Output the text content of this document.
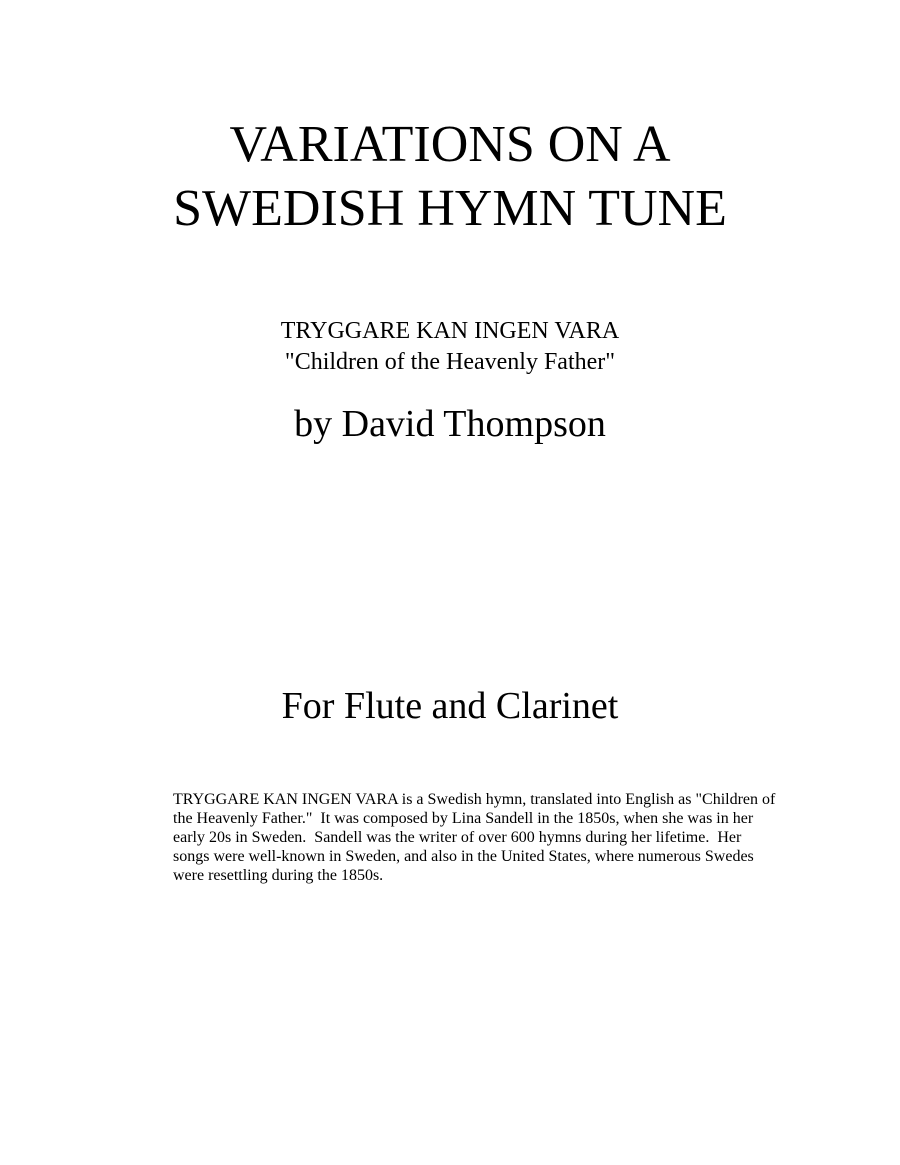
VARIATIONS ON A
SWEDISH HYMN TUNE

TRYGGARE KAN INGEN VARA

"Children of the Heavenly Father"

by David Thompson

For Flute and Clarinet

TRYGGARE KAN INGEN VARA is a Swedish hymn, translated into English as "Children of
the Heavenly Father."  It was composed by Lina Sandell in the 1850s, when she was in her
early 20s in Sweden.  Sandell was the writer of over 600 hymns during her lifetime.  Her
songs were well-known in Sweden, and also in the United States, where numerous Swedes
were resettling during the 1850s.
